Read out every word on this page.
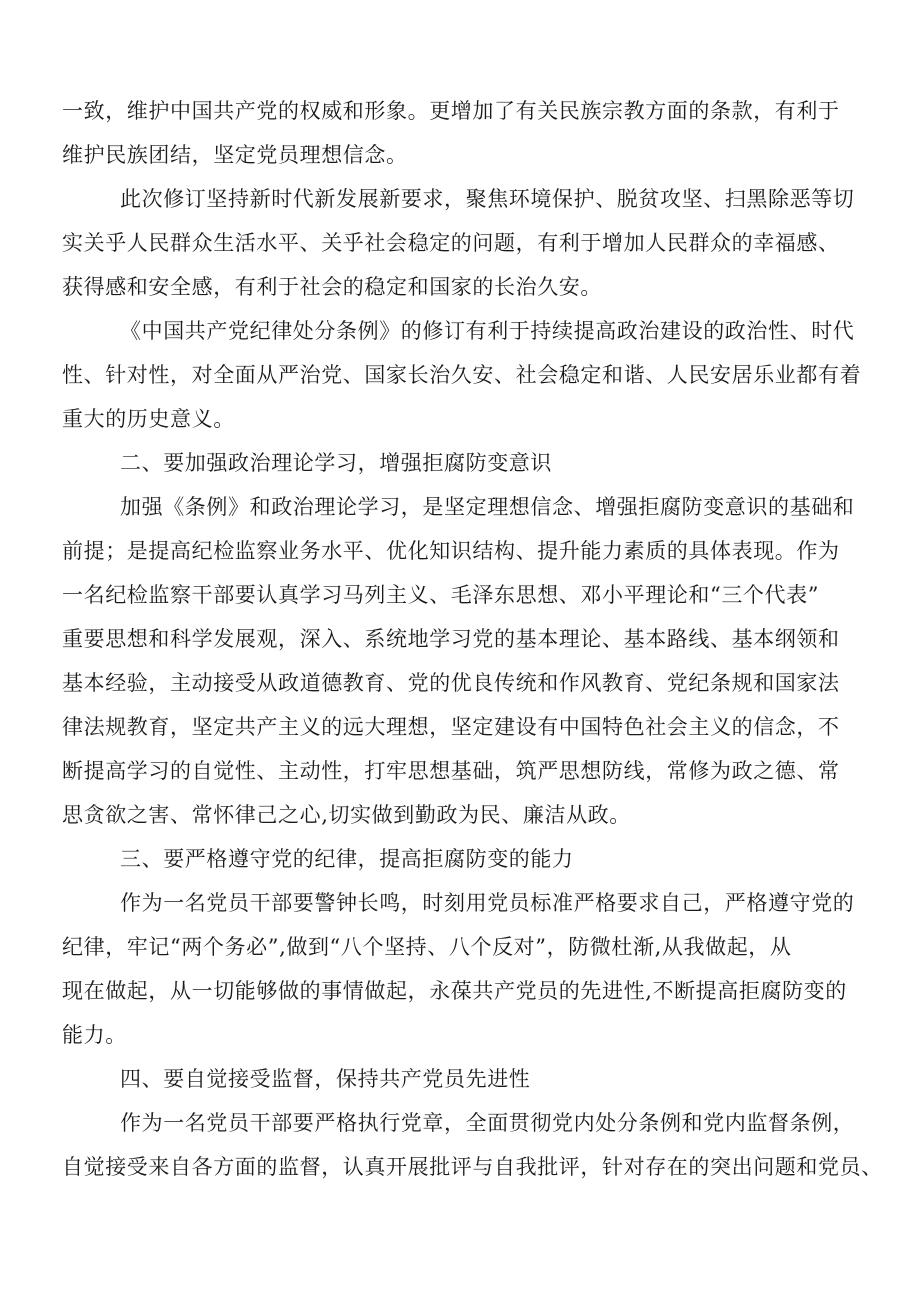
一致，维护中国共产党的权威和形象。更增加了有关民族宗教方面的条款，有利于
维护民族团结，坚定党员理想信念。
此次修订坚持新时代新发展新要求，聚焦环境保护、脱贫攻坚、扫黑除恶等切
实关乎人民群众生活水平、关乎社会稳定的问题，有利于增加人民群众的幸福感、
获得感和安全感，有利于社会的稳定和国家的长治久安。
《中国共产党纪律处分条例》的修订有利于持续提高政治建设的政治性、时代
性、针对性，对全面从严治党、国家长治久安、社会稳定和谐、人民安居乐业都有着
重大的历史意义。
二、要加强政治理论学习，增强拒腐防变意识
加强《条例》和政治理论学习，是坚定理想信念、增强拒腐防变意识的基础和
前提；是提高纪检监察业务水平、优化知识结构、提升能力素质的具体表现。作为
一名纪检监察干部要认真学习马列主义、毛泽东思想、邓小平理论和“三个代表”
重要思想和科学发展观，深入、系统地学习党的基本理论、基本路线、基本纲领和
基本经验，主动接受从政道德教育、党的优良传统和作风教育、党纪条规和国家法
律法规教育，坚定共产主义的远大理想，坚定建设有中国特色社会主义的信念，不
断提高学习的自觉性、主动性，打牢思想基础，筑严思想防线，常修为政之德、常
思贪欲之害、常怀律己之心,切实做到勤政为民、廉洁从政。
三、要严格遵守党的纪律，提高拒腐防变的能力
作为一名党员干部要警钟长鸣，时刻用党员标准严格要求自己，严格遵守党的
纪律，牢记“两个务必”,做到“八个坚持、八个反对”，防微杜渐,从我做起，从
现在做起，从一切能够做的事情做起，永葆共产党员的先进性,不断提高拒腐防变的
能力。
四、要自觉接受监督，保持共产党员先进性
作为一名党员干部要严格执行党章，全面贯彻党内处分条例和党内监督条例，
自觉接受来自各方面的监督，认真开展批评与自我批评，针对存在的突出问题和党员、
